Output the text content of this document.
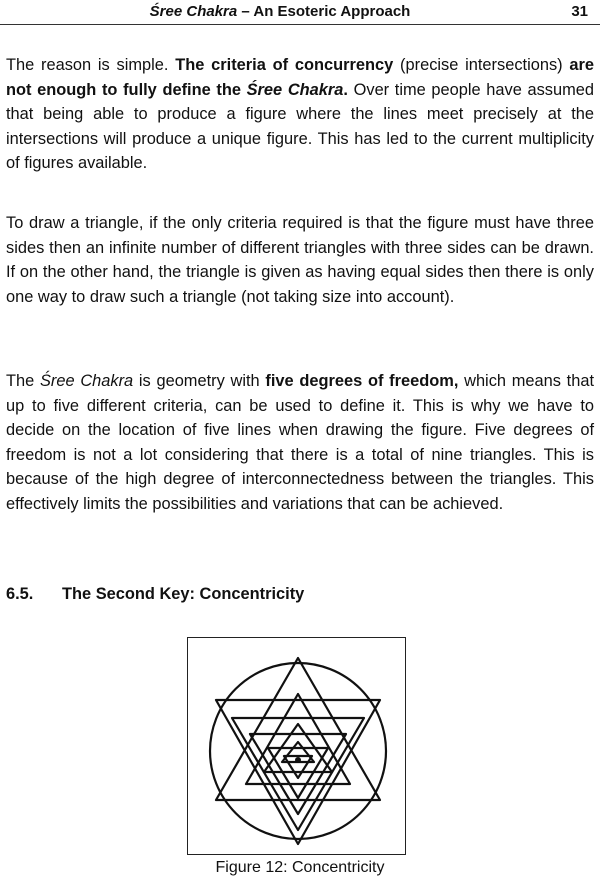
Śree Chakra – An Esoteric Approach	31

The reason is simple. The criteria of concurrency (precise intersections) are not enough to fully define the Śree Chakra. Over time people have assumed that being able to produce a figure where the lines meet precisely at the intersections will produce a unique figure. This has led to the current multiplicity of figures available.

To draw a triangle, if the only criteria required is that the figure must have three sides then an infinite number of different triangles with three sides can be drawn. If on the other hand, the triangle is given as having equal sides then there is only one way to draw such a triangle (not taking size into account).

The Śree Chakra is geometry with five degrees of freedom, which means that up to five different criteria, can be used to define it. This is why we have to decide on the location of five lines when drawing the figure. Five degrees of freedom is not a lot considering that there is a total of nine triangles. This is because of the high degree of interconnectedness between the triangles. This effectively limits the possibilities and variations that can be achieved.

6.5. The Second Key: Concentricity

Figure 12: Concentricity
